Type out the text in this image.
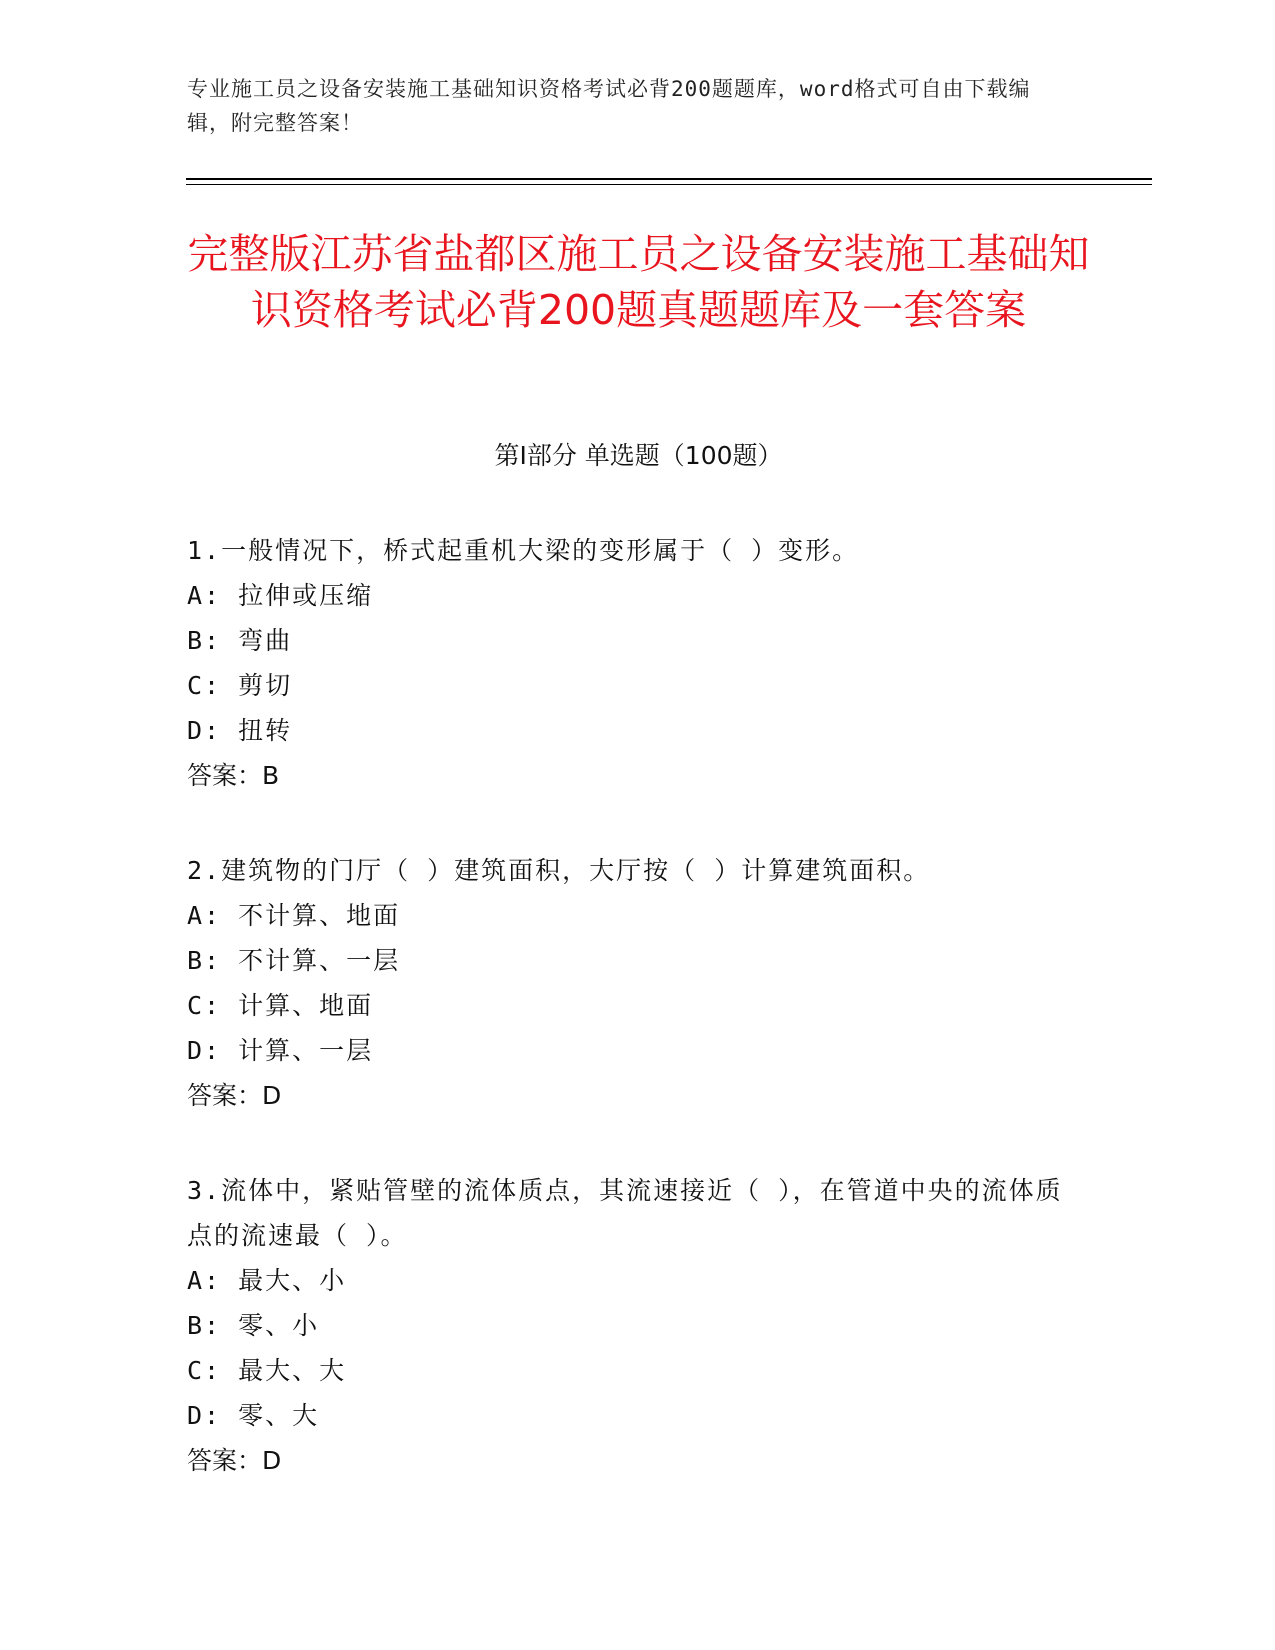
专业施工员之设备安装施工基础知识资格考试必背200题题库，word格式可自由下载编辑，附完整答案！
完整版江苏省盐都区施工员之设备安装施工基础知识资格考试必背200题真题题库及一套答案
第Ⅰ部分 单选题（100题）
1.一般情况下，桥式起重机大梁的变形属于（ ）变形。
A: 拉伸或压缩
B: 弯曲
C: 剪切
D: 扭转
答案：B
2.建筑物的门厅（ ）建筑面积，大厅按（ ）计算建筑面积。
A: 不计算、地面
B: 不计算、一层
C: 计算、地面
D: 计算、一层
答案：D
3.流体中，紧贴管壁的流体质点，其流速接近（ ），在管道中央的流体质点的流速最（ ）。
A: 最大、小
B: 零、小
C: 最大、大
D: 零、大
答案：D
